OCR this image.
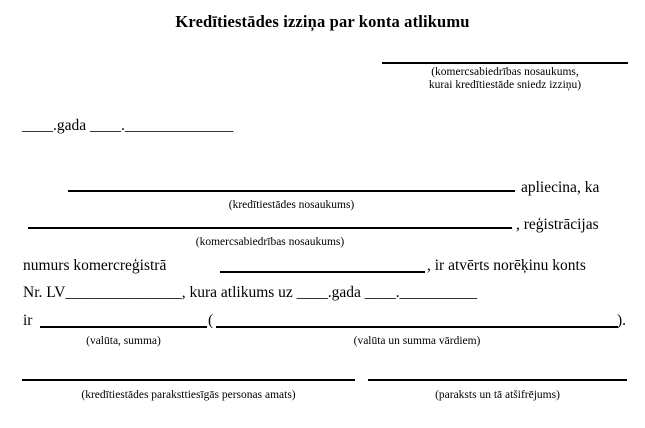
Kredītiestādes izziņa par konta atlikumu
(komercsabiedrības nosaukums,
kurai kredītiestāde sniedz izziņu)
____.gada ____.______________
apliecina, ka
(kredītiestādes nosaukums)
, reģistrācijas
(komercsabiedrības nosaukums)
numurs komercreģistrā	, ir atvērts norēķinu konts
Nr. LV_______________, kura atlikums uz ____.gada ____.__________
ir	(	).
(valūta, summa)	(valūta un summa vārdiem)
(kredītiestādes paraksttiesīgās personas amats)	(paraksts un tā atšifrējums)
